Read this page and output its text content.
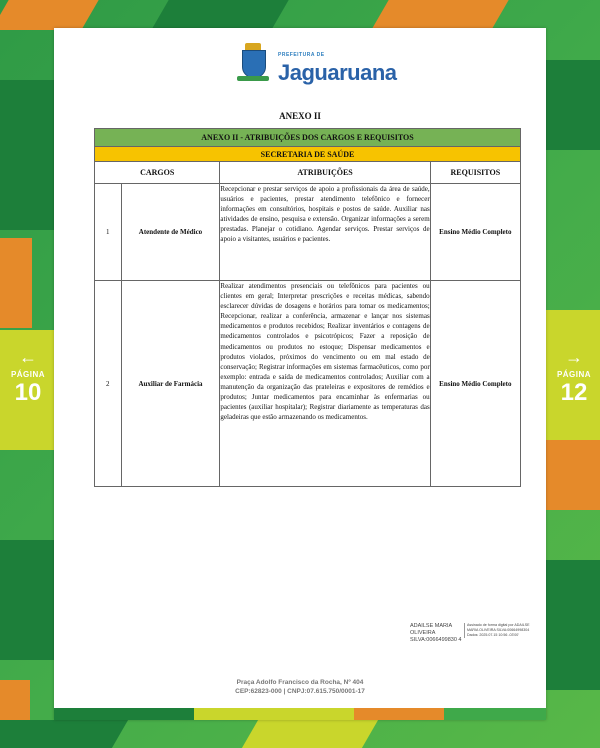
←
PÁGINA
10
→
PÁGINA
12
PREFEITURA DE
Jaguaruana
ANEXO II
ANEXO II - ATRIBUIÇÕES DOS CARGOS E REQUISITOS			
SECRETARIA DE SAÚDE			
CARGOS		ATRIBUIÇÕES	REQUISITOS
1	Atendente de Médico	Recepcionar e prestar serviços de apoio a profissionais da área de saúde, usuários e pacientes, prestar atendimento telefônico e fornecer informações em consultórios, hospitais e postos de saúde. Auxiliar nas atividades de ensino, pesquisa e extensão. Organizar informações a serem prestadas. Planejar o cotidiano. Agendar serviços. Prestar serviços de apoio a visitantes, usuários e pacientes.	Ensino Médio Completo
2	Auxiliar de Farmácia	Realizar atendimentos presenciais ou telefônicos para pacientes ou clientes em geral; Interpretar prescrições e receitas médicas, sabendo esclarecer dúvidas de dosagens e horários para tomar os medicamentos; Recepcionar, realizar a conferência, armazenar e lançar nos sistemas medicamentos e produtos recebidos; Realizar inventários e contagens de medicamentos controlados e psicotrópicos; Fazer a reposição de medicamentos ou produtos no estoque; Dispensar medicamentos e produtos violados, próximos do vencimento ou em mal estado de conservação; Registrar informações em sistemas farmacêuticos, como por exemplo: entrada e saída de medicamentos controlados; Auxiliar com a manutenção da organização das prateleiras e expositores de remédios e produtos; Juntar medicamentos para encaminhar às enfermarias ou pacientes (auxiliar hospitalar); Registrar diariamente as temperaturas das geladeiras que estão armazenando os medicamentos.	Ensino Médio Completo
ADAILSE MARIA OLIVEIRA SILVA:0066499830 4
Assinado de forma digital por ADAILSE MARIA OLIVEIRA SILVA:00664998304 Dados: 2025.07.15 10:56 -03'00'
Praça Adolfo Francisco da Rocha, Nº 404
CEP:62823-000 | CNPJ:07.615.750/0001-17
